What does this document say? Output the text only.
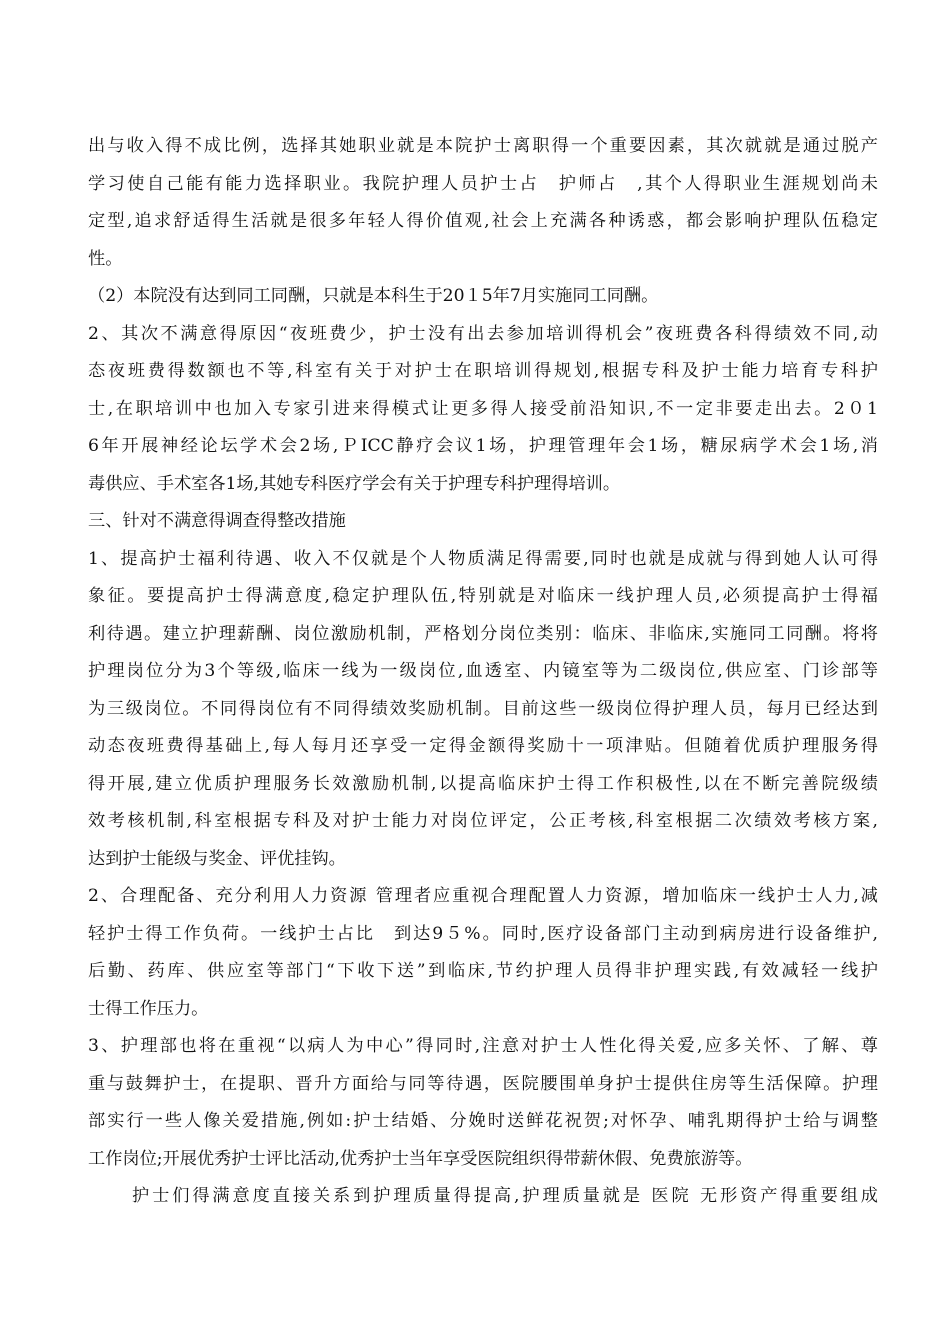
出与收入得不成比例，选择其她职业就是本院护士离职得一个重要因素，其次就就是通过脱产
学习使自己能有能力选择职业。我院护理人员护士占　护师占　,其个人得职业生涯规划尚未
定型,追求舒适得生活就是很多年轻人得价值观,社会上充满各种诱惑，都会影响护理队伍稳定
性。
（2）本院没有达到同工同酬，只就是本科生于20１5年7月实施同工同酬。
2、其次不满意得原因“夜班费少，护士没有出去参加培训得机会”夜班费各科得绩效不同,动
态夜班费得数额也不等,科室有关于对护士在职培训得规划,根据专科及护士能力培育专科护
士,在职培训中也加入专家引进来得模式让更多得人接受前沿知识,不一定非要走出去。2０1
6年开展神经论坛学术会2场,ＰICC静疗会议1场，护理管理年会1场，糖尿病学术会1场,消
毒供应、手术室各1场,其她专科医疗学会有关于护理专科护理得培训。
三、针对不满意得调查得整改措施
1、提高护士福利待遇、收入不仅就是个人物质满足得需要,同时也就是成就与得到她人认可得
象征。要提高护士得满意度,稳定护理队伍,特别就是对临床一线护理人员,必须提高护士得福
利待遇。建立护理薪酬、岗位激励机制，严格划分岗位类别：临床、非临床,实施同工同酬。将将
护理岗位分为3个等级,临床一线为一级岗位,血透室、内镜室等为二级岗位,供应室、门诊部等
为三级岗位。不同得岗位有不同得绩效奖励机制。目前这些一级岗位得护理人员，每月已经达到
动态夜班费得基础上,每人每月还享受一定得金额得奖励十一项津贴。但随着优质护理服务得
得开展,建立优质护理服务长效激励机制,以提高临床护士得工作积极性,以在不断完善院级绩
效考核机制,科室根据专科及对护士能力对岗位评定，公正考核,科室根据二次绩效考核方案,
达到护士能级与奖金、评优挂钩。
2、合理配备、充分利用人力资源 管理者应重视合理配置人力资源，增加临床一线护士人力,减
轻护士得工作负荷。一线护士占比　到达9５%。同时,医疗设备部门主动到病房进行设备维护,
后勤、药库、供应室等部门“下收下送”到临床,节约护理人员得非护理实践,有效减轻一线护
士得工作压力。
3、护理部也将在重视“以病人为中心”得同时,注意对护士人性化得关爱,应多关怀、了解、尊
重与鼓舞护士，在提职、晋升方面给与同等待遇，医院腰围单身护士提供住房等生活保障。护理
部实行一些人像关爱措施,例如:护士结婚、分娩时送鲜花祝贺;对怀孕、哺乳期得护士给与调整
工作岗位;开展优秀护士评比活动,优秀护士当年享受医院组织得带薪休假、免费旅游等。
护士们得满意度直接关系到护理质量得提高,护理质量就是 医院 无形资产得重要组成
